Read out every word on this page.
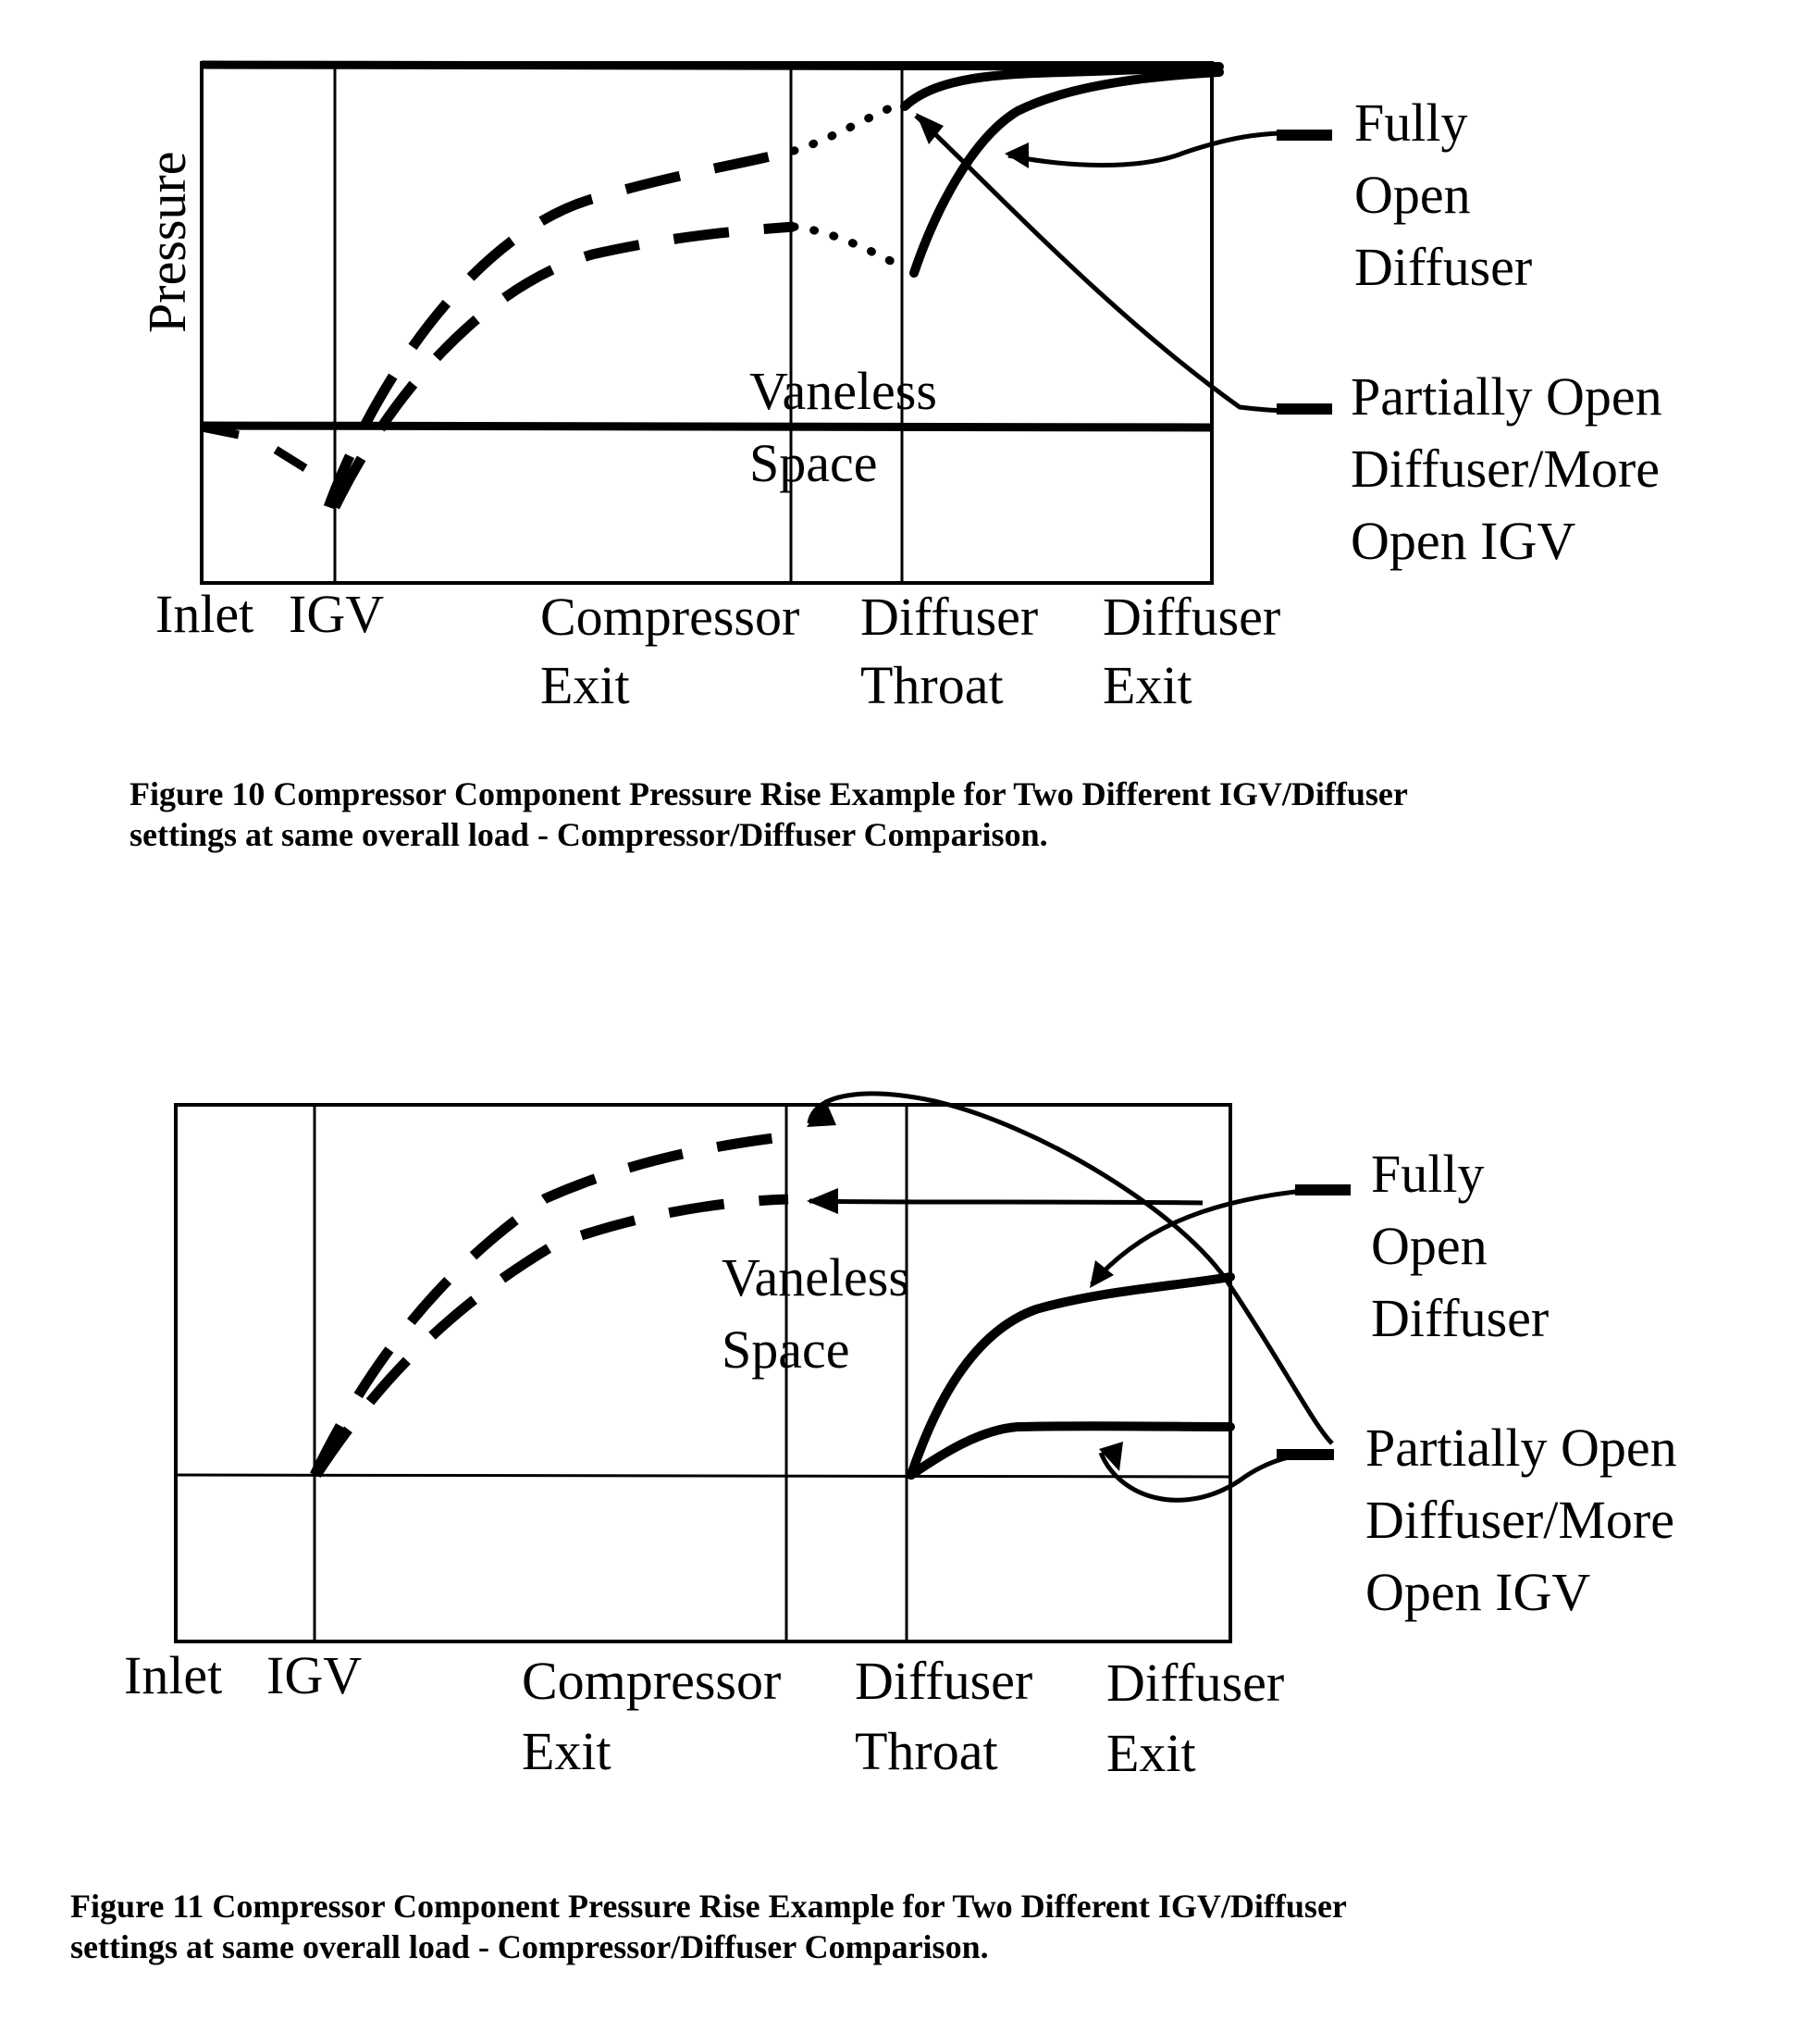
Pressure
Vaneless
Space
Inlet IGV	Compressor
Exit
Diffuser
Throat
Diffuser
Exit
Fully
Open
Diffuser
Partially Open
Diffuser/More
Open IGV
Figure 10 Compressor Component Pressure Rise Example for Two Different IGV/Diffuser
settings at same overall load - Compressor/Diffuser Comparison.
Vaneless
Space
Inlet IGV	Compressor
Exit
Diffuser
Throat
Diffuser
Exit
Fully
Open
Diffuser
Partially Open
Diffuser/More
Open IGV
Figure 11 Compressor Component Pressure Rise Example for Two Different IGV/Diffuser
settings at same overall load - Compressor/Diffuser Comparison.
